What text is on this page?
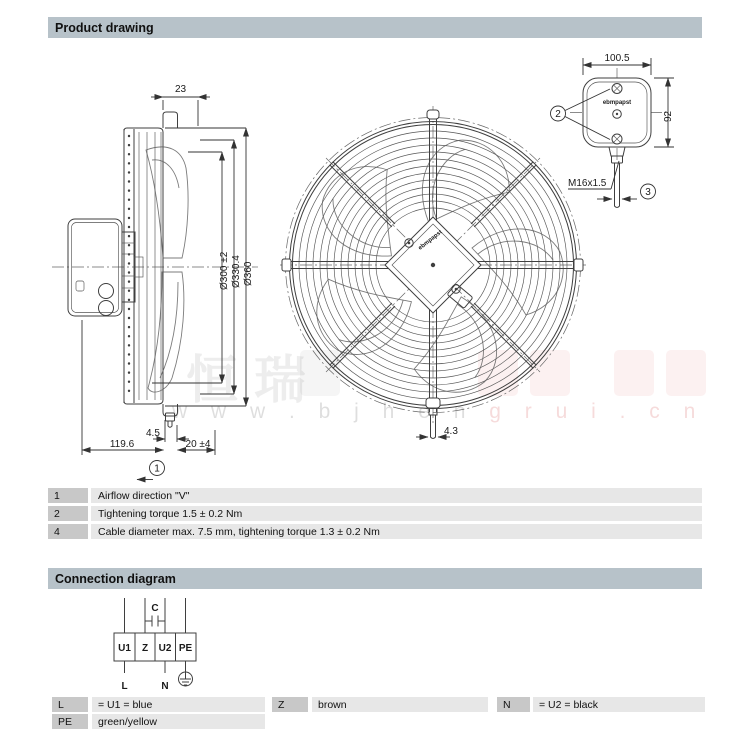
恒瑞
w w w . b j h e n g r u i . c n
Product drawing
23
Ø300 ±2 Ø330.4 Ø360
4.5
119.6	20 ±4
1
ebmpapst
4.3
ebmpapst
100.5
92
2
M16x1.5
3
1	Airflow direction "V"
2	Tightening torque 1.5 ± 0.2 Nm
4	Cable diameter max. 7.5 mm, tightening torque 1.3 ± 0.2 Nm
Connection diagram
C
U1 Z U2 PE
L	N
L	= U1 = blue	Z	brown	N	= U2 = black
PE	green/yellow
